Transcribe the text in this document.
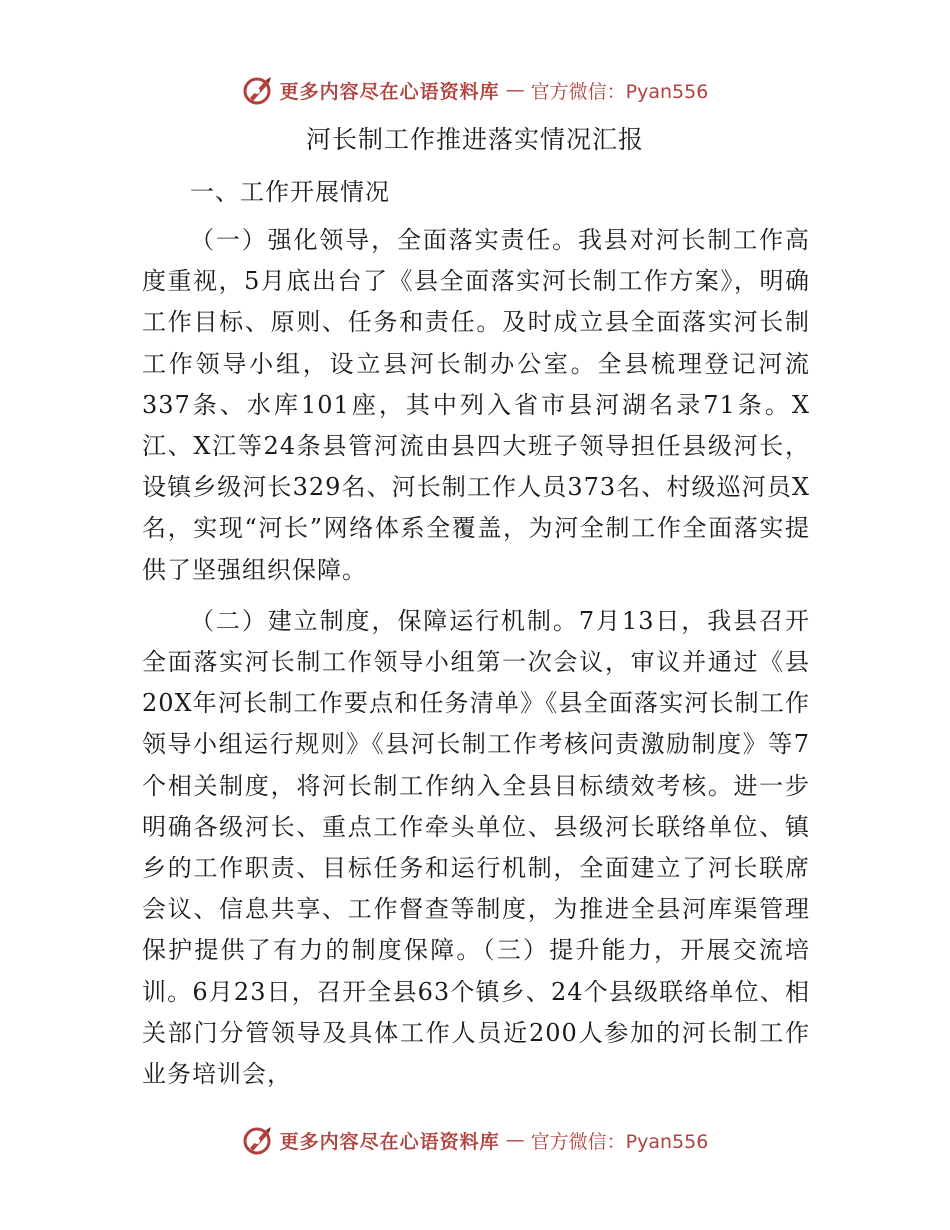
更多内容尽在心语资料库 — 官方微信：Pyan556
河长制工作推进落实情况汇报
一、工作开展情况

（一）强化领导，全面落实责任。我县对河长制工作高度重视，5月底出台了《县全面落实河长制工作方案》，明确工作目标、原则、任务和责任。及时成立县全面落实河长制工作领导小组，设立县河长制办公室。全县梳理登记河流337条、水库101座，其中列入省市县河湖名录71条。X江、X江等24条县管河流由县四大班子领导担任县级河长，设镇乡级河长329名、河长制工作人员373名、村级巡河员X名，实现“河长”网络体系全覆盖，为河全制工作全面落实提供了坚强组织保障。

（二）建立制度，保障运行机制。7月13日，我县召开全面落实河长制工作领导小组第一次会议，审议并通过《县20X年河长制工作要点和任务清单》《县全面落实河长制工作领导小组运行规则》《县河长制工作考核问责激励制度》等7个相关制度，将河长制工作纳入全县目标绩效考核。进一步明确各级河长、重点工作牵头单位、县级河长联络单位、镇乡的工作职责、目标任务和运行机制，全面建立了河长联席会议、信息共享、工作督查等制度，为推进全县河库渠管理保护提供了有力的制度保障。（三）提升能力，开展交流培训。6月23日，召开全县63个镇乡、24个县级联络单位、相关部门分管领导及具体工作人员近200人参加的河长制工作业务培训会，

更多内容尽在心语资料库 — 官方微信：Pyan556
